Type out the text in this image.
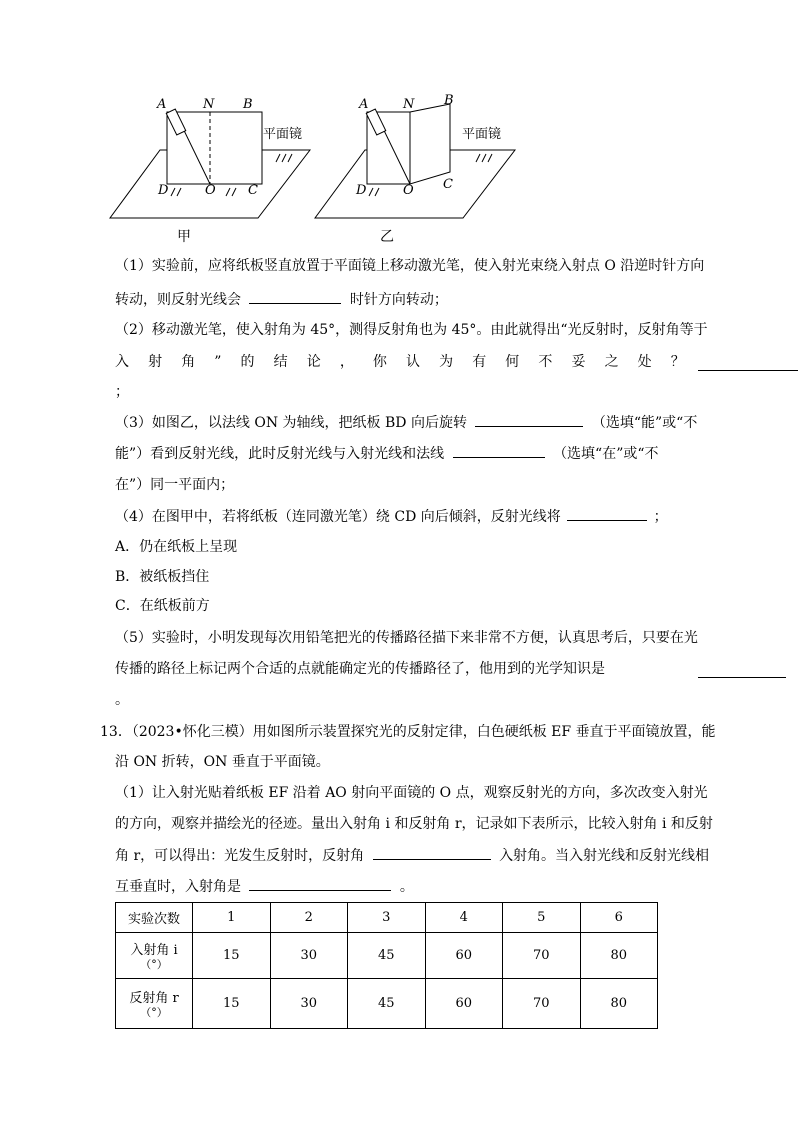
A	N B
D	O C
平面镜
甲
A	N B
D	O C
平面镜
乙
（1）实验前，应将纸板竖直放置于平面镜上移动激光笔，使入射光束绕入射点 O 沿逆时针方向
转动，则反射光线会	时针方向转动；
（2）移动激光笔，使入射角为 45°，测得反射角也为 45°。由此就得出“光反射时，反射角等于
入 射 角 ” 的 结 论 ， 你 认 为 有 何 不 妥 之 处 ？
；
（3）如图乙，以法线 ON 为轴线，把纸板 BD 向后旋转	（选填“能”或“不
能”）看到反射光线，此时反射光线与入射光线和法线	（选填“在”或“不
在”）同一平面内；
（4）在图甲中，若将纸板（连同激光笔）绕 CD 向后倾斜，反射光线将	；
A．仍在纸板上呈现
B．被纸板挡住
C．在纸板前方
（5）实验时，小明发现每次用铅笔把光的传播路径描下来非常不方便，认真思考后，只要在光
传播的路径上标记两个合适的点就能确定光的传播路径了，他用到的光学知识是
。
13．（2023•怀化三模）用如图所示装置探究光的反射定律，白色硬纸板 EF 垂直于平面镜放置，能
沿 ON 折转，ON 垂直于平面镜。
（1）让入射光贴着纸板 EF 沿着 AO 射向平面镜的 O 点，观察反射光的方向，多次改变入射光
的方向，观察并描绘光的径迹。量出入射角 i 和反射角 r，记录如下表所示，比较入射角 i 和反射
角 r，可以得出：光发生反射时，反射角	入射角。当入射光线和反射光线相
互垂直时，入射角是	。
实验次数	1	2	3	4	5	6

入射角 i
（°）	15	30	45	60	70	80

反射角 r
（°）	15	30	45	60	70	80
